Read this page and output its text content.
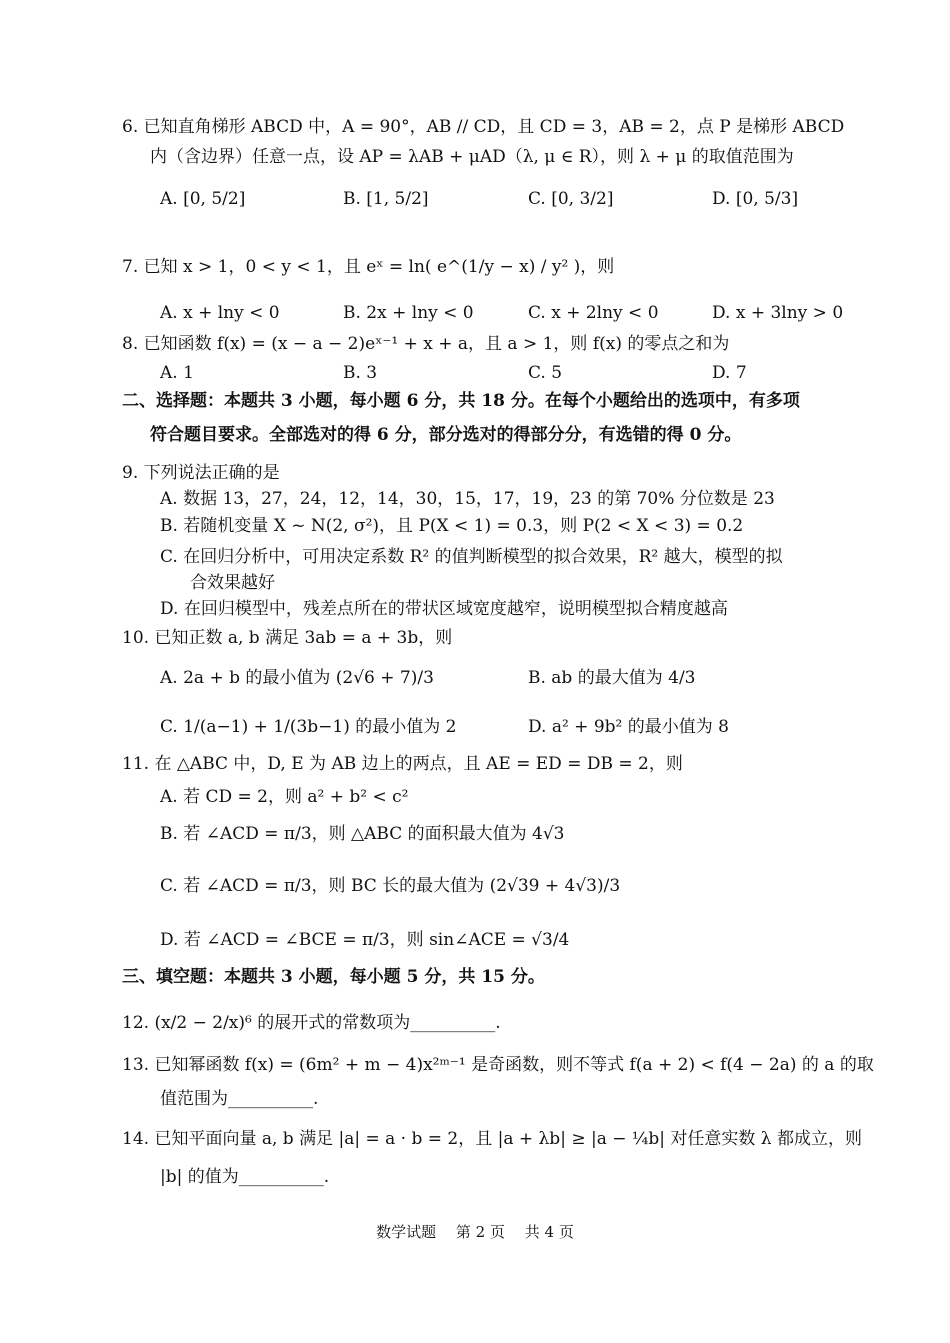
6. 已知直角梯形 ABCD 中，A = 90°，AB // CD，且 CD = 3，AB = 2，点 P 是梯形 ABCD
内（含边界）任意一点，设 AP = λAB + μAD（λ, μ ∈ R），则 λ + μ 的取值范围为
A. [0, 5/2]	B. [1, 5/2]	C. [0, 3/2]	D. [0, 5/3]
7. 已知 x > 1，0 < y < 1，且 eˣ = ln( e^(1/y − x) / y² )，则
A. x + lny < 0	B. 2x + lny < 0	C. x + 2lny < 0	D. x + 3lny > 0
8. 已知函数 f(x) = (x − a − 2)eˣ⁻¹ + x + a，且 a > 1，则 f(x) 的零点之和为
A. 1	B. 3	C. 5	D. 7
二、选择题：本题共 3 小题，每小题 6 分，共 18 分。在每个小题给出的选项中，有多项
符合题目要求。全部选对的得 6 分，部分选对的得部分分，有选错的得 0 分。
9. 下列说法正确的是
A. 数据 13，27，24，12，14，30，15，17，19，23 的第 70% 分位数是 23
B. 若随机变量 X ~ N(2, σ²)，且 P(X < 1) = 0.3，则 P(2 < X < 3) = 0.2
C. 在回归分析中，可用决定系数 R² 的值判断模型的拟合效果，R² 越大，模型的拟
合效果越好
D. 在回归模型中，残差点所在的带状区域宽度越窄，说明模型拟合精度越高
10. 已知正数 a, b 满足 3ab = a + 3b，则
A. 2a + b 的最小值为 (2√6 + 7)/3	B. ab 的最大值为 4/3
C. 1/(a−1) + 1/(3b−1) 的最小值为 2	D. a² + 9b² 的最小值为 8
11. 在 △ABC 中，D, E 为 AB 边上的两点，且 AE = ED = DB = 2，则
A. 若 CD = 2，则 a² + b² < c²
B. 若 ∠ACD = π/3，则 △ABC 的面积最大值为 4√3
C. 若 ∠ACD = π/3，则 BC 长的最大值为 (2√39 + 4√3)/3
D. 若 ∠ACD = ∠BCE = π/3，则 sin∠ACE = √3/4
三、填空题：本题共 3 小题，每小题 5 分，共 15 分。
12. (x/2 − 2/x)⁶ 的展开式的常数项为__________.
13. 已知幂函数 f(x) = (6m² + m − 4)x²ᵐ⁻¹ 是奇函数，则不等式 f(a + 2) < f(4 − 2a) 的 a 的取
值范围为__________.
14. 已知平面向量 a, b 满足 |a| = a · b = 2，且 |a + λb| ≥ |a − ¼b| 对任意实数 λ 都成立，则
|b| 的值为__________.
数学试题　 第 2 页　 共 4 页
